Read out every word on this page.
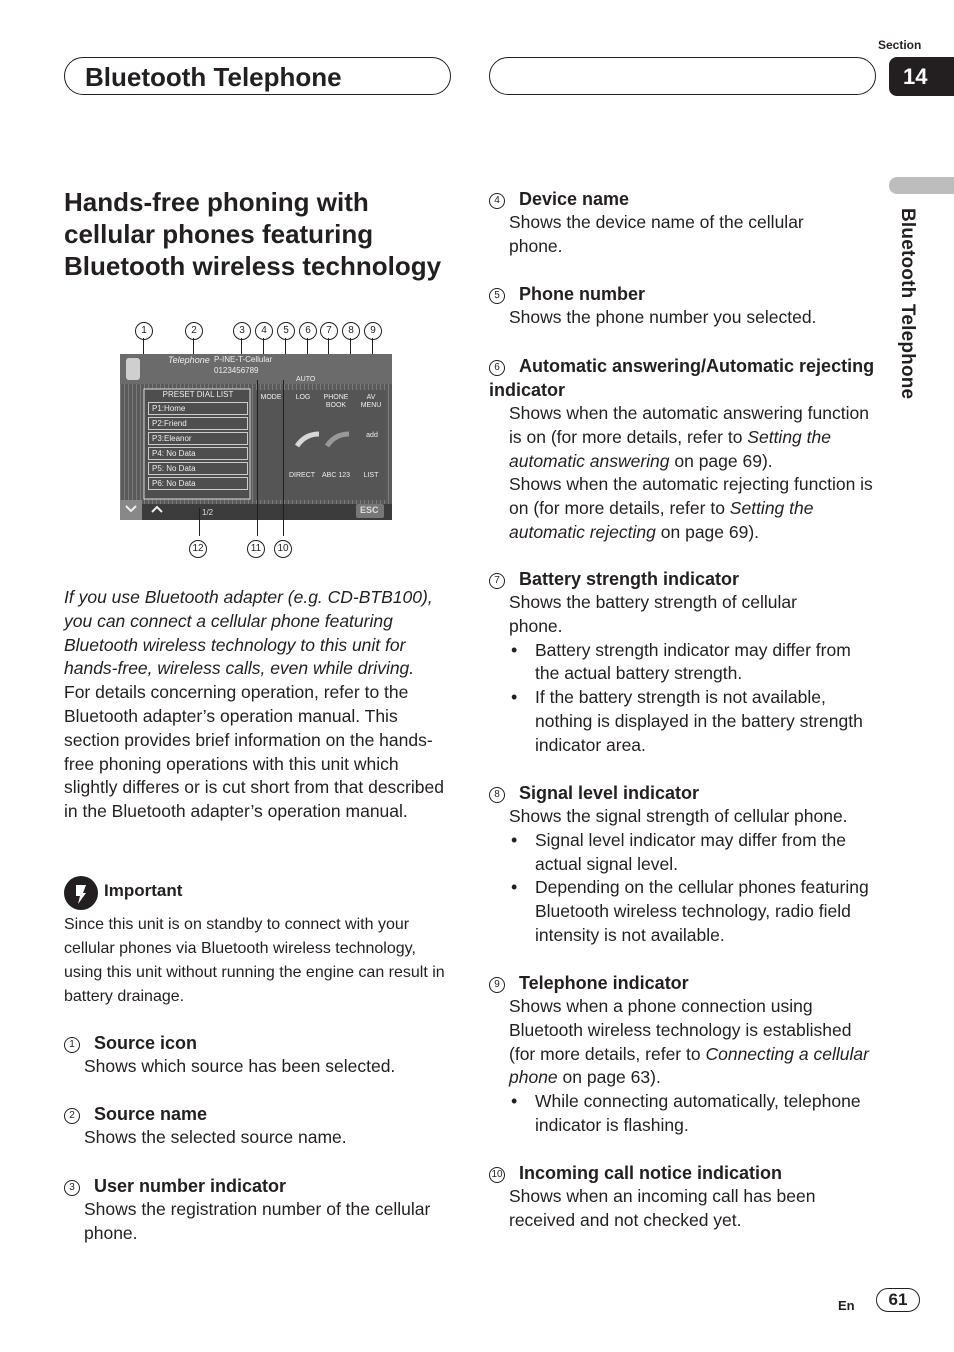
Bluetooth Telephone
Section
14
Bluetooth Telephone
Hands-free phoning with cellular phones featuring Bluetooth wireless technology
1	2	3	4	5	6	7	8	9
Telephone P-INE-T-Cellular
0123456789
AUTO
PRESET DIAL LIST
P1:Home
P2:Friend
P3:Eleanor
P4: No Data
P5: No Data
P6: No Data
MODE	LOG	PHONE BOOK
AV MENU
add
DIRECT ABC 123	LIST
ESC
1/2
12	11	10
If you use Bluetooth adapter (e.g. CD-BTB100), you can connect a cellular phone featuring Bluetooth wireless technology to this unit for hands-free, wireless calls, even while driving.
For details concerning operation, refer to the Bluetooth adapter’s operation manual. This section provides brief information on the hands-free phoning operations with this unit which slightly differes or is cut short from that described in the Bluetooth adapter’s operation manual.
Important
Since this unit is on standby to connect with your cellular phones via Bluetooth wireless technology, using this unit without running the engine can result in battery drainage.
1 Source icon
Shows which source has been selected.
2 Source name
Shows the selected source name.
3 User number indicator
Shows the registration number of the cellular phone.
4 Device name
Shows the device name of the cellular phone.
5 Phone number
Shows the phone number you selected.
6 Automatic answering/Automatic rejecting indicator
Shows when the automatic answering function is on (for more details, refer to Setting the automatic answering on page 69).
Shows when the automatic rejecting function is on (for more details, refer to Setting the automatic rejecting on page 69).
7 Battery strength indicator
Shows the battery strength of cellular phone.
• Battery strength indicator may differ from the actual battery strength.
• If the battery strength is not available, nothing is displayed in the battery strength indicator area.
8 Signal level indicator
Shows the signal strength of cellular phone.
• Signal level indicator may differ from the actual signal level.
• Depending on the cellular phones featuring Bluetooth wireless technology, radio field intensity is not available.
9 Telephone indicator
Shows when a phone connection using Bluetooth wireless technology is established (for more details, refer to Connecting a cellular phone on page 63).
• While connecting automatically, telephone indicator is flashing.
10 Incoming call notice indication
Shows when an incoming call has been received and not checked yet.
En	61
